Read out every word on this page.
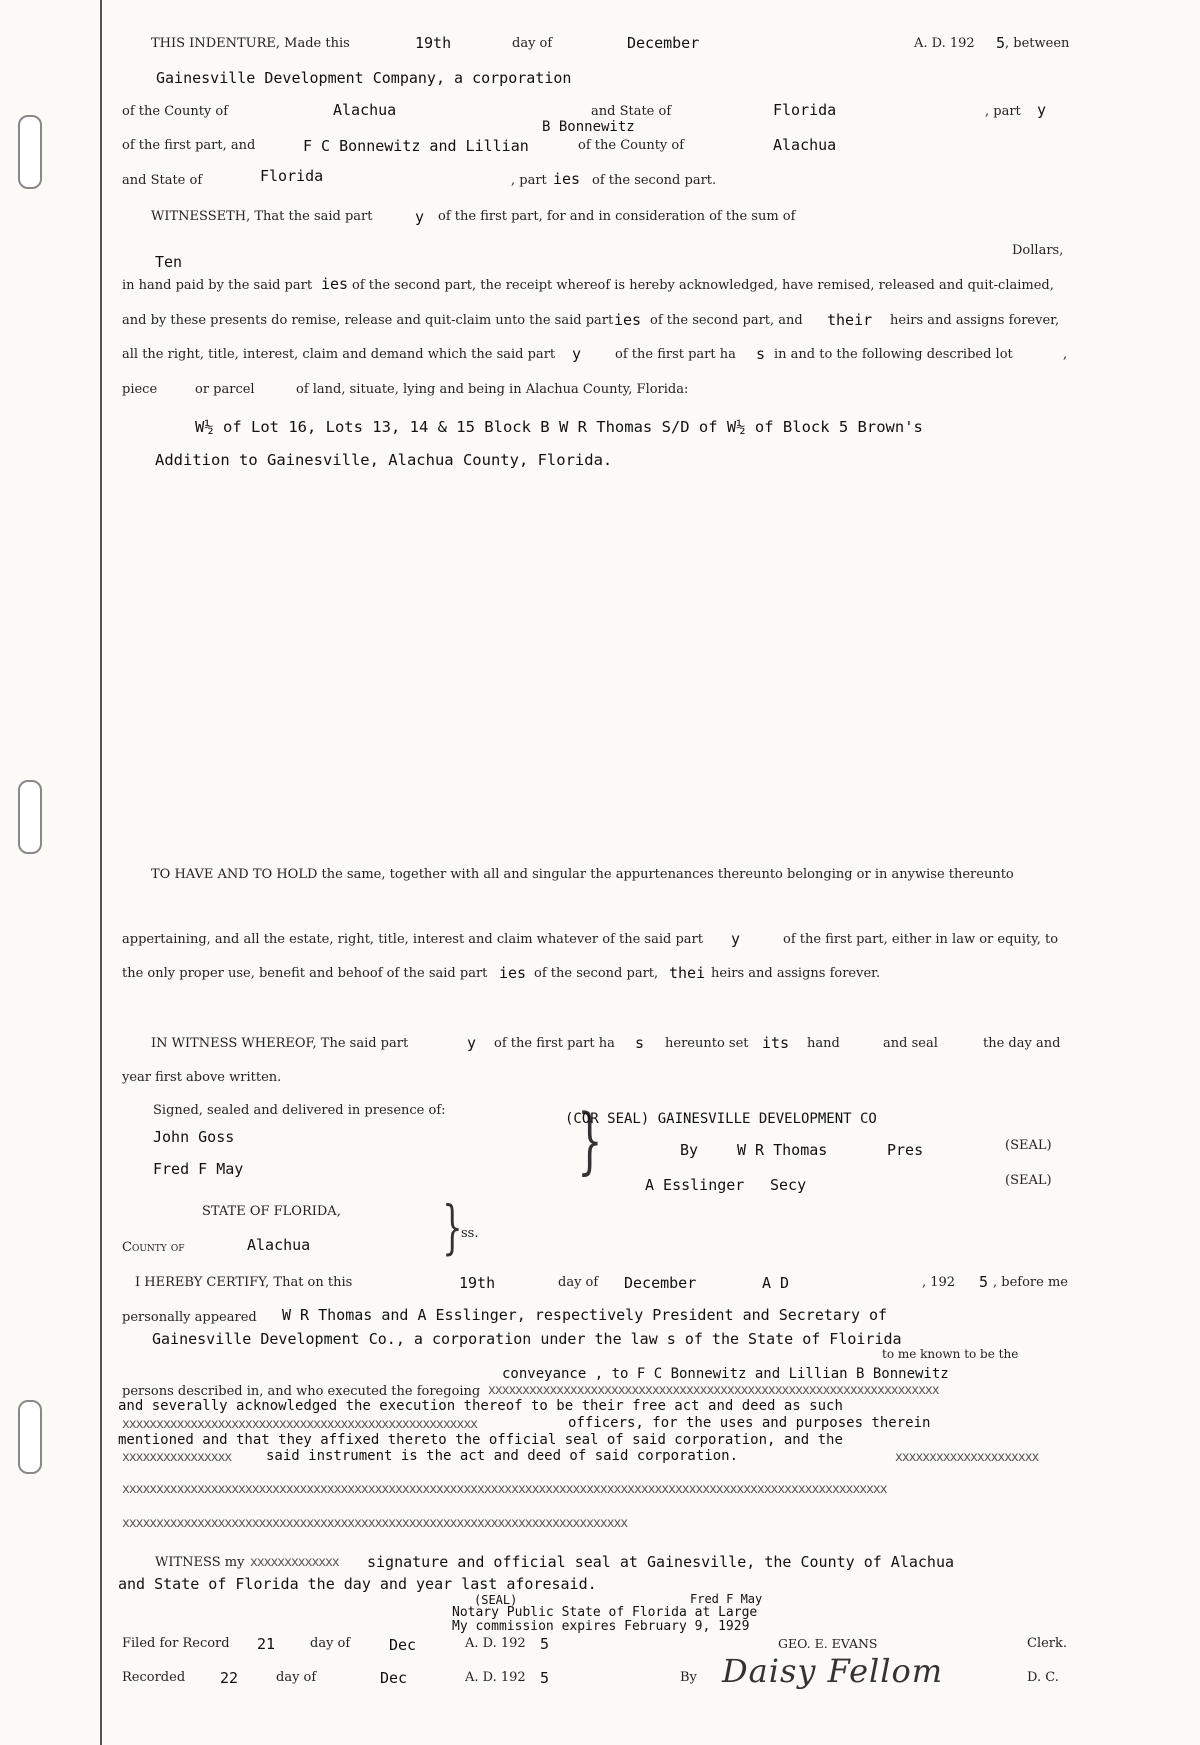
THIS INDENTURE, Made this	19th	day of	December	A. D. 192 5 , between
Gainesville Development Company, a corporation
of the County of	Alachua	and State of	Florida	, part y
B Bonnewitz
of the first part, and	F C Bonnewitz and Lillian	of the County of	Alachua
and State of	Florida	, part ies of the second part.
WITNESSETH, That the said part	y of the first part, for and in consideration of the sum of
Dollars,
Ten
in hand paid by the said part ies of the second part, the receipt whereof is hereby acknowledged, have remised, released and quit-claimed,
and by these presents do remise, release and quit-claim unto the said part ies of the second part, and their heirs and assigns forever,
all the right, title, interest, claim and demand which the said part y	of the first part ha s in and to the following described lot	,
piece	or parcel	of land, situate, lying and being in Alachua County, Florida:
W½ of Lot 16, Lots 13, 14 & 15 Block B W R Thomas S/D of W½ of Block 5 Brown's
Addition to Gainesville, Alachua County, Florida.
TO HAVE AND TO HOLD the same, together with all and singular the appurtenances thereunto belonging or in anywise thereunto
appertaining, and all the estate, right, title, interest and claim whatever of the said part y	of the first part, either in law or equity, to
the only proper use, benefit and behoof of the said part ies of the second part, thei heirs and assigns forever.
IN WITNESS WHEREOF, The said part	y of the first part ha s hereunto set its hand	and seal	the day and
year first above written.
Signed, sealed and delivered in presence of:
John Goss
Fred F May	}
(COR SEAL) GAINESVILLE DEVELOPMENT CO
By	W R Thomas	Pres	(SEAL)
A Esslinger Secy	(SEAL)
STATE OF FLORIDA,
County of	Alachua }
ss.
I HEREBY CERTIFY, That on this	19th	day of December	A D	, 192 5 , before me
personally appeared W R Thomas and A Esslinger, respectively President and Secretary of
Gainesville Development Co., a corporation under the law s of the State of Floirida
to me known to be the
conveyance , to F C Bonnewitz and Lillian B Bonnewitz
persons described in, and who executed the foregoing xxxxxxxxxxxxxxxxxxxxxxxxxxxxxxxxxxxxxxxxxxxxxxxxxxxxxxxxxxxxxxxxxx
and severally acknowledged the execution thereof to be their free act and deed as such
xxxxxxxxxxxxxxxxxxxxxxxxxxxxxxxxxxxxxxxxxxxxxxxxxxxx	officers, for the uses and purposes therein
mentioned and that they affixed thereto the official seal of said corporation, and the
xxxxxxxxxxxxxxxx said instrument is the act and deed of said corporation.	xxxxxxxxxxxxxxxxxxxxx
xxxxxxxxxxxxxxxxxxxxxxxxxxxxxxxxxxxxxxxxxxxxxxxxxxxxxxxxxxxxxxxxxxxxxxxxxxxxxxxxxxxxxxxxxxxxxxxxxxxxxxxxxxxxxxxx
xxxxxxxxxxxxxxxxxxxxxxxxxxxxxxxxxxxxxxxxxxxxxxxxxxxxxxxxxxxxxxxxxxxxxxxxxx
WITNESS my xxxxxxxxxxxxx signature and official seal at Gainesville, the County of Alachua
and State of Florida the day and year last aforesaid.
(SEAL)	Fred F May
Notary Public State of Florida at Large
My commission expires February 9, 1929
Filed for Record 21	day of	Dec	A. D. 192 5	GEO. E. EVANS	Clerk.
Recorded 22	day of	Dec	A. D. 192 5	By Daisy Fellom	D. C.
